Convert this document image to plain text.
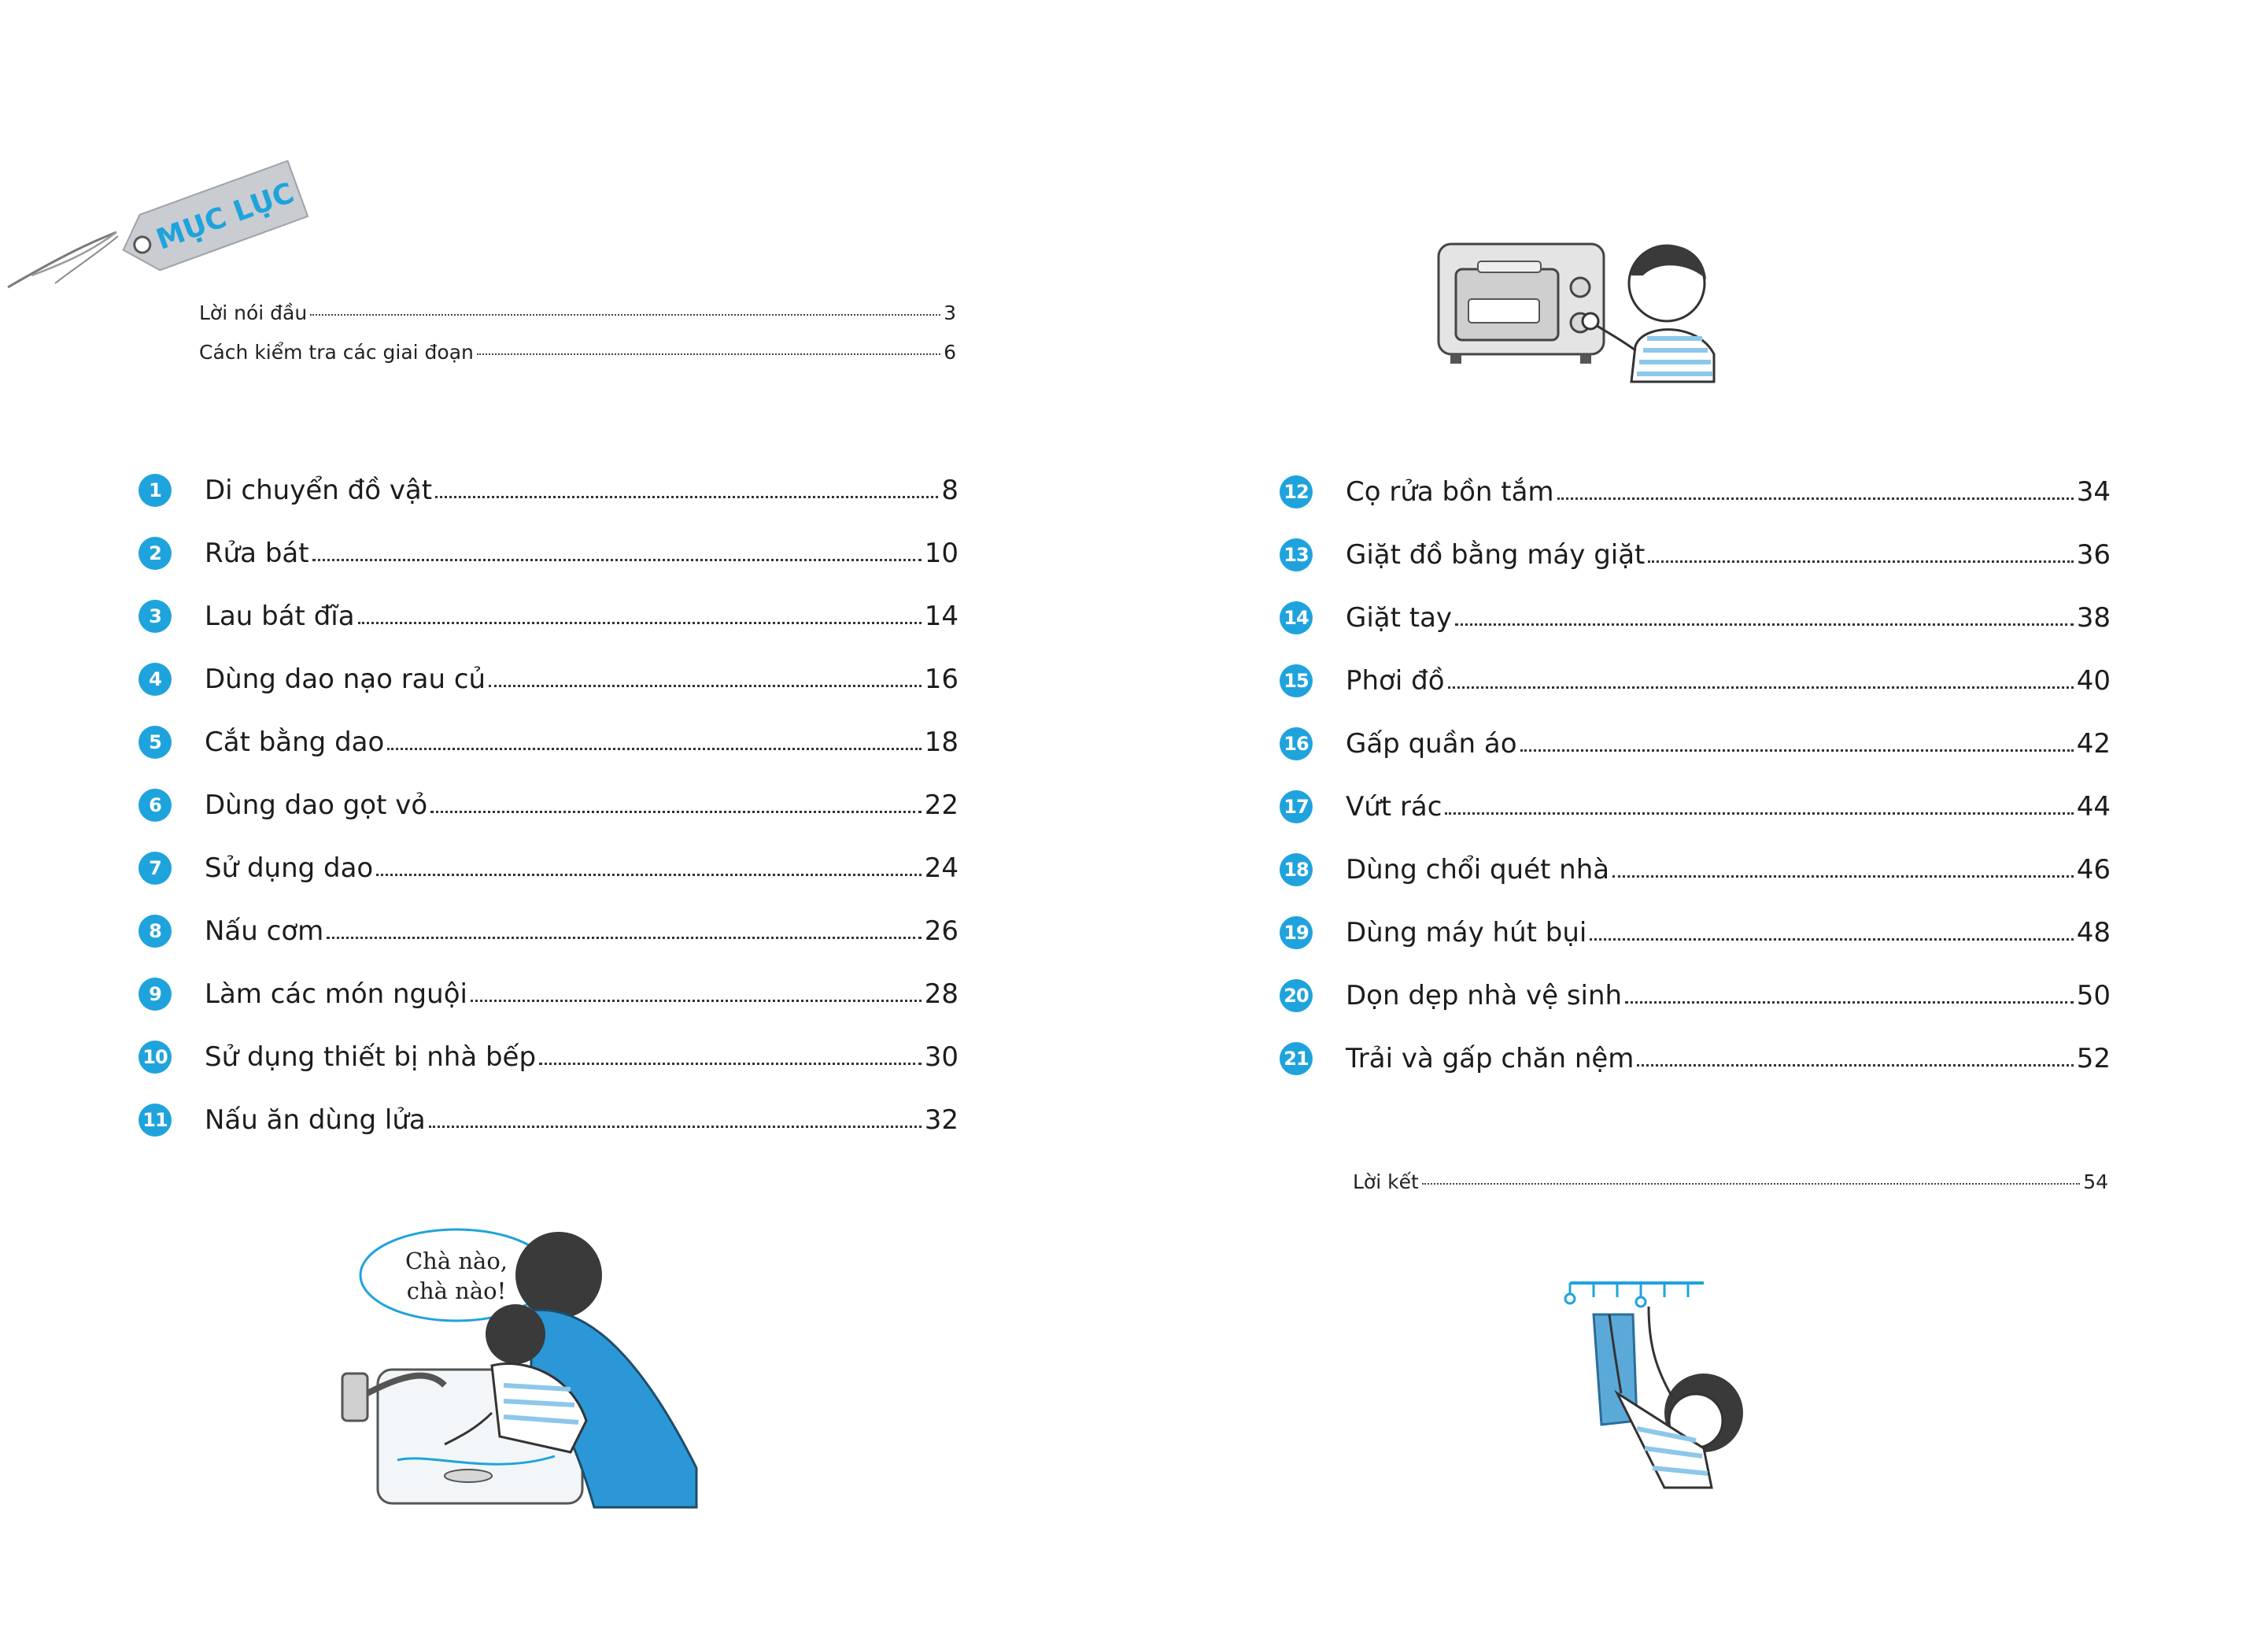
MỤC LỤC
Lời nói đầu	3
Cách kiểm tra các giai đoạn	6
1	Di chuyển đồ vật	8
2	Rửa bát	10
3	Lau bát đĩa	14
4	Dùng dao nạo rau củ	16
5	Cắt bằng dao	18
6	Dùng dao gọt vỏ	22
7	Sử dụng dao	24
8	Nấu cơm	26
9	Làm các món nguội	28
10 Sử dụng thiết bị nhà bếp	30
11 Nấu ăn dùng lửa	32
12 Cọ rửa bồn tắm	34
13 Giặt đồ bằng máy giặt	36
14 Giặt tay	38
15 Phơi đồ	40
16 Gấp quần áo	42
17 Vứt rác	44
18 Dùng chổi quét nhà	46
19 Dùng máy hút bụi	48
20 Dọn dẹp nhà vệ sinh	50
21 Trải và gấp chăn nệm	52
Lời kết	54
Chà nào,
chà nào!
